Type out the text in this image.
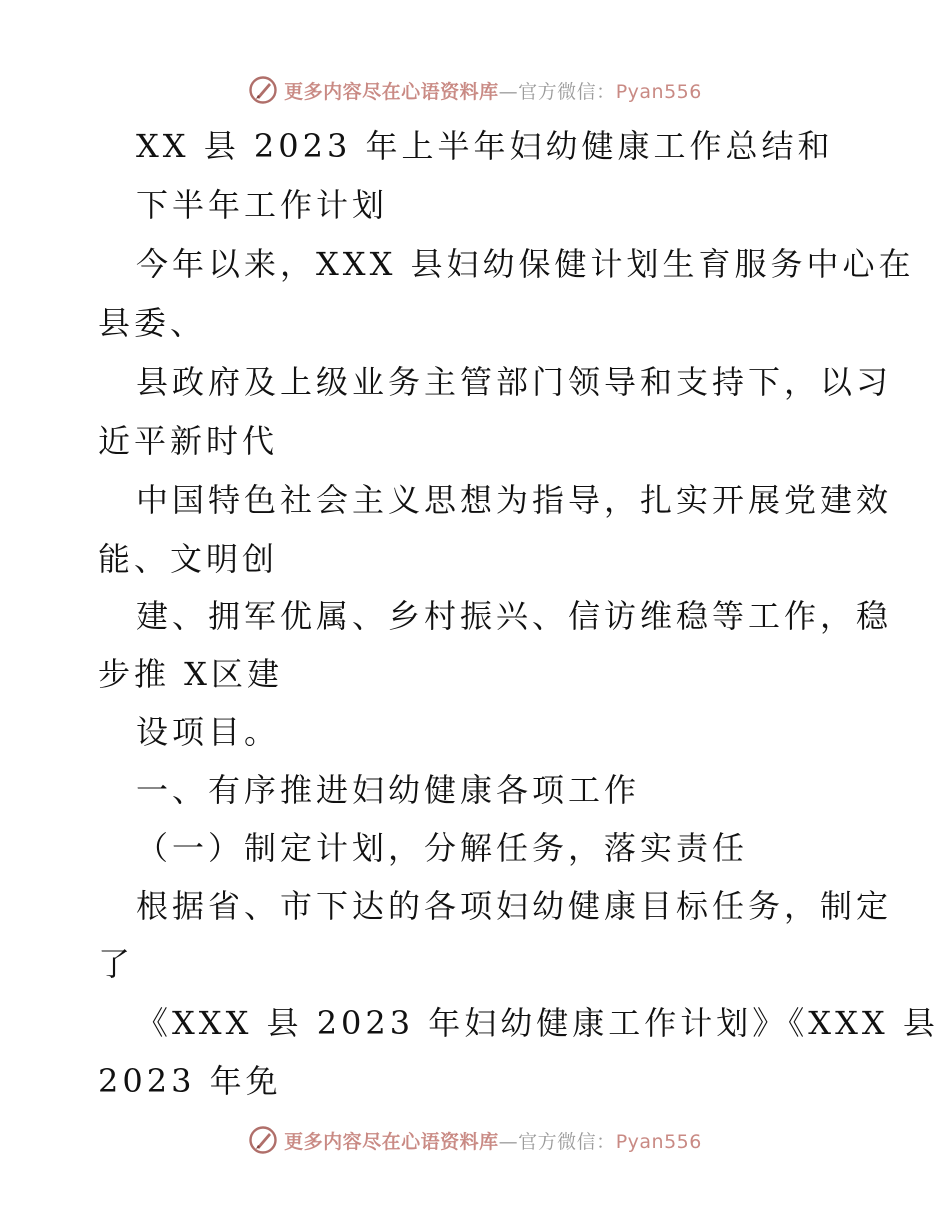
更多内容尽在心语资料库—官方微信：Pyan556

XX 县 2023 年上半年妇幼健康工作总结和

下半年工作计划

今年以来，XXX 县妇幼保健计划生育服务中心在

县委、

县政府及上级业务主管部门领导和支持下，以习

近平新时代

中国特色社会主义思想为指导，扎实开展党建效

能、文明创

建、拥军优属、乡村振兴、信访维稳等工作，稳

步推 X区建

设项目。

一、有序推进妇幼健康各项工作

（一）制定计划，分解任务，落实责任

根据省、市下达的各项妇幼健康目标任务，制定

了

《XXX 县 2023 年妇幼健康工作计划》《XXX 县

2023 年免

更多内容尽在心语资料库—官方微信：Pyan556
